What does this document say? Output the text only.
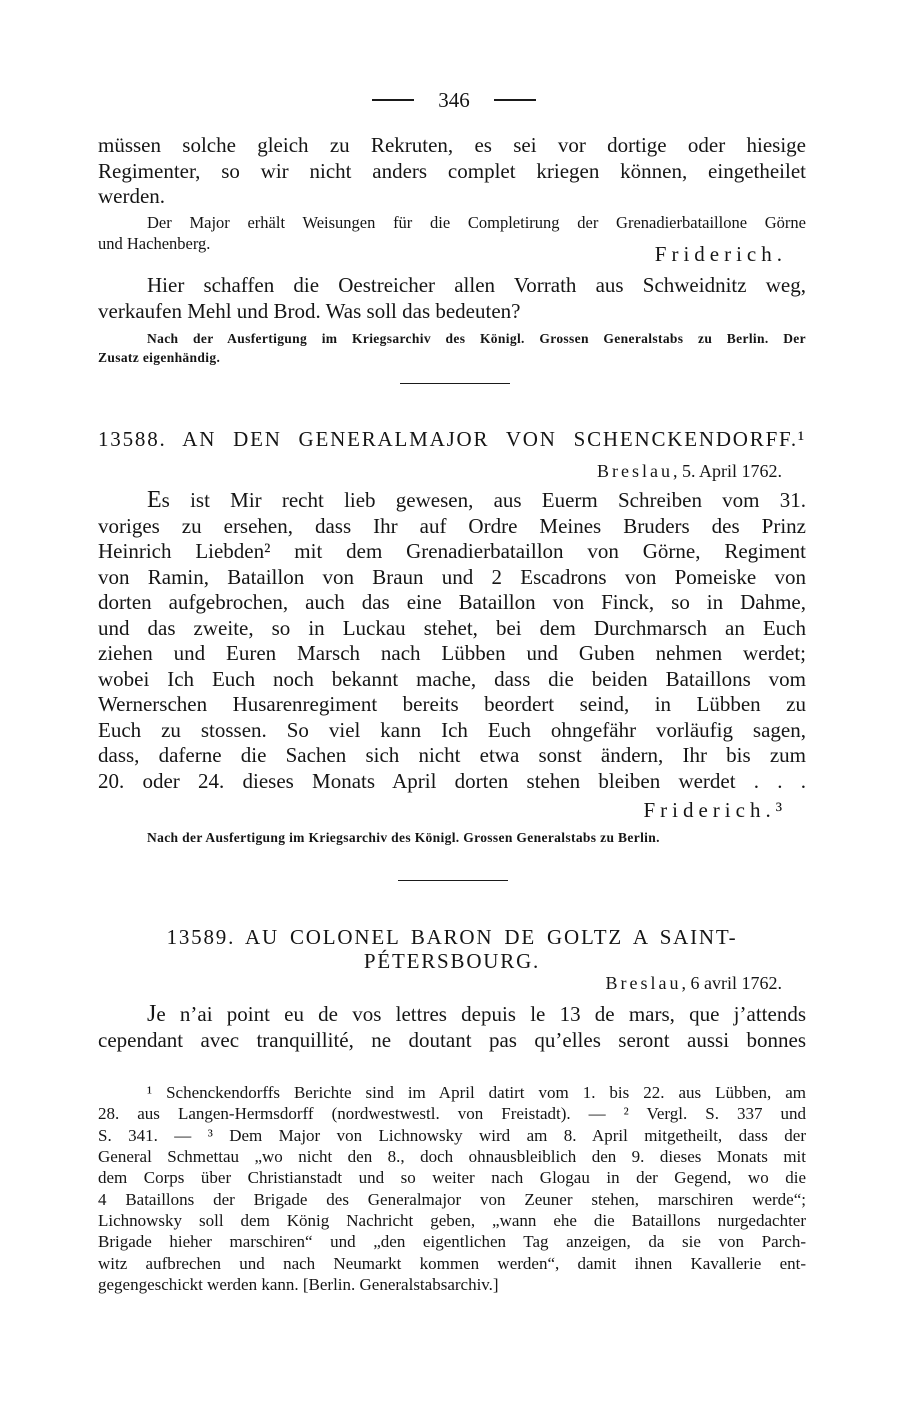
346
müssen solche gleich zu Rekruten, es sei vor dortige oder hiesige
Regimenter, so wir nicht anders complet kriegen können, eingetheilet
werden.
Der Major erhält Weisungen für die Completirung der Grenadierbataillone Görne
und Hachenberg.	Friderich.
Hier schaffen die Oestreicher allen Vorrath aus Schweidnitz weg,
verkaufen Mehl und Brod. Was soll das bedeuten?
Nach der Ausfertigung im Kriegsarchiv des Königl. Grossen Generalstabs zu Berlin. Der
Zusatz eigenhändig.
13588. AN DEN GENERALMAJOR VON SCHENCKENDORFF.¹
Breslau, 5. April 1762.
Es ist Mir recht lieb gewesen, aus Euerm Schreiben vom 31.
voriges zu ersehen, dass Ihr auf Ordre Meines Bruders des Prinz
Heinrich Liebden² mit dem Grenadierbataillon von Görne, Regiment
von Ramin, Bataillon von Braun und 2 Escadrons von Pomeiske von
dorten aufgebrochen, auch das eine Bataillon von Finck, so in Dahme,
und das zweite, so in Luckau stehet, bei dem Durchmarsch an Euch
ziehen und Euren Marsch nach Lübben und Guben nehmen werdet;
wobei Ich Euch noch bekannt mache, dass die beiden Bataillons vom
Wernerschen Husarenregiment bereits beordert seind, in Lübben zu
Euch zu stossen. So viel kann Ich Euch ohngefähr vorläufig sagen,
dass, daferne die Sachen sich nicht etwa sonst ändern, Ihr bis zum
20. oder 24. dieses Monats April dorten stehen bleiben werdet . . .
Friderich.³
Nach der Ausfertigung im Kriegsarchiv des Königl. Grossen Generalstabs zu Berlin.
13589. AU COLONEL BARON DE GOLTZ A SAINT-
PÉTERSBOURG.
Breslau, 6 avril 1762.
Je n’ai point eu de vos lettres depuis le 13 de mars, que j’attends
cependant avec tranquillité, ne doutant pas qu’elles seront aussi bonnes
¹ Schenckendorffs Berichte sind im April datirt vom 1. bis 22. aus Lübben, am
28. aus Langen-Hermsdorff (nordwestwestl. von Freistadt). — ² Vergl. S. 337 und
S. 341. — ³ Dem Major von Lichnowsky wird am 8. April mitgetheilt, dass der
General Schmettau „wo nicht den 8., doch ohnausbleiblich den 9. dieses Monats mit
dem Corps über Christianstadt und so weiter nach Glogau in der Gegend, wo die
4 Bataillons der Brigade des Generalmajor von Zeuner stehen, marschiren werde“;
Lichnowsky soll dem König Nachricht geben, „wann ehe die Bataillons nurgedachter
Brigade hieher marschiren“ und „den eigentlichen Tag anzeigen, da sie von Parch-
witz aufbrechen und nach Neumarkt kommen werden“, damit ihnen Kavallerie ent-
gegengeschickt werden kann. [Berlin. Generalstabsarchiv.]
